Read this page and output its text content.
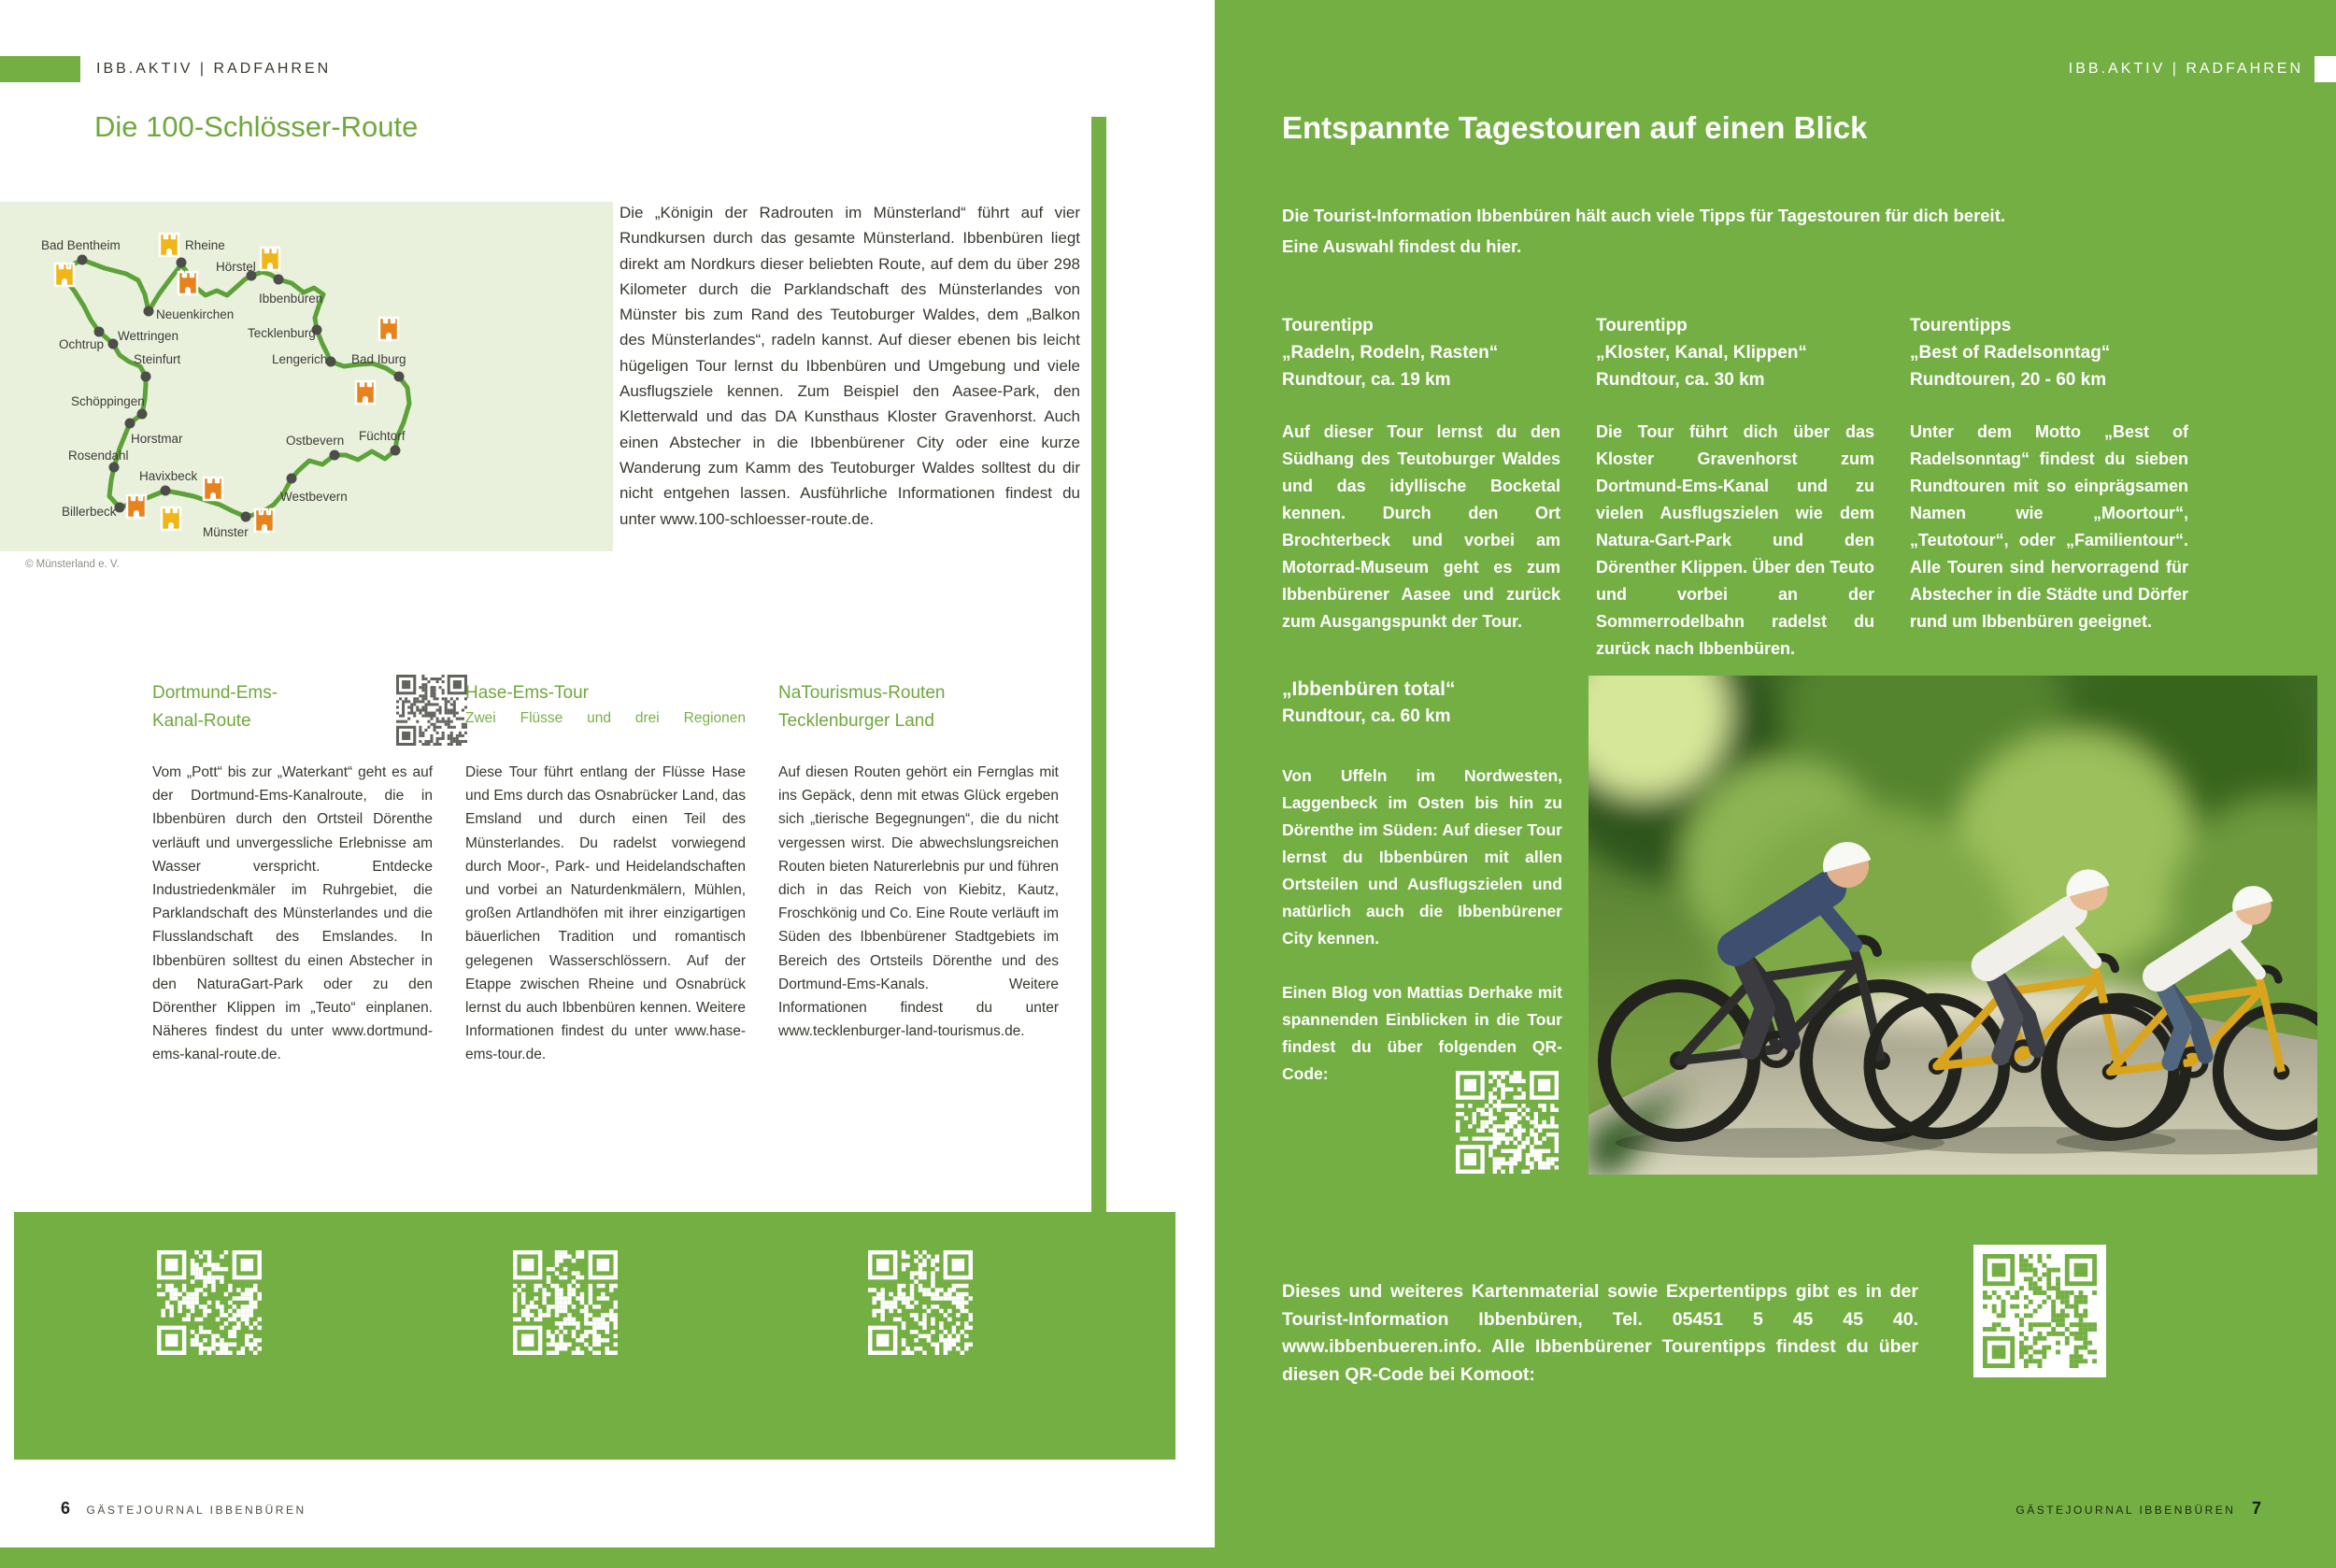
IBB.AKTIV | RADFAHREN
Die 100-Schlösser-Route
Bad Bentheim	Rheine
Hörstel
Ibbenbüren
Neuenkirchen
Wettringen
Ochtrup
Tecklenburg
Steinfurt	Lengerich Bad Iburg
Schöppingen
Horstmar
Rosendahl
Havixbeck
Billerbeck
Münster
Westbevern
Ostbevern Füchtorf
© Münsterland e. V.

Die „Königin der Radrouten im Münsterland“ führt auf vier Rundkursen durch das gesamte Münsterland. Ibbenbüren liegt direkt am Nordkurs dieser beliebten Route, auf dem du über 298 Kilometer durch die Parklandschaft des Münsterlandes von Münster bis zum Rand des Teutoburger Waldes, dem „Balkon des Münsterlandes“, radeln kannst. Auf dieser ebenen bis leicht hügeligen Tour lernst du Ibbenbüren und Umgebung und viele Ausflugsziele kennen. Zum Beispiel den Aasee-Park, den Kletterwald und das DA Kunsthaus Kloster Gravenhorst. Auch einen Abstecher in die Ibbenbürener City oder eine kurze Wanderung zum Kamm des Teutoburger Waldes solltest du dir nicht entgehen lassen. Ausführliche Informationen findest du unter www.100-schloesser-route.de.

Dortmund-Ems-
Kanal-Route

Vom „Pott“ bis zur „Waterkant“ geht es auf der Dortmund-Ems-Kanalroute, die in Ibbenbüren durch den Ortsteil Dörenthe verläuft und unvergessliche Erlebnisse am Wasser verspricht. Entdecke Industriedenkmäler im Ruhrgebiet, die Parklandschaft des Münsterlandes und die Flusslandschaft des Emslandes. In Ibbenbüren solltest du einen Abstecher in den NaturaGart-Park oder zu den Dörenther Klippen im „Teuto“ einplanen. Näheres findest du unter www.dortmund-ems-kanal-route.de.

Hase-Ems-Tour
Zwei Flüsse und drei Regionen

Diese Tour führt entlang der Flüsse Hase und Ems durch das Osnabrücker Land, das Emsland und durch einen Teil des Münsterlandes. Du radelst vorwiegend durch Moor-, Park- und Heidelandschaften und vorbei an Naturdenkmälern, Mühlen, großen Artlandhöfen mit ihrer einzigartigen bäuerlichen Tradition und romantisch gelegenen Wasserschlössern. Auf der Etappe zwischen Rheine und Osnabrück lernst du auch Ibbenbüren kennen. Weitere Informationen findest du unter www.hase-ems-tour.de.

NaTourismus-Routen
Tecklenburger Land

Auf diesen Routen gehört ein Fernglas mit ins Gepäck, denn mit etwas Glück ergeben sich „tierische Begegnungen“, die du nicht vergessen wirst. Die abwechslungsreichen Routen bieten Naturerlebnis pur und führen dich in das Reich von Kiebitz, Kautz, Froschkönig und Co. Eine Route verläuft im Süden des Ibbenbürener Stadtgebiets im Bereich des Ortsteils Dörenthe und des Dortmund-Ems-Kanals. Weitere Informationen findest du unter www.tecklenburger-land-tourismus.de.

6 GÄSTEJOURNAL IBBENBÜREN
IBB.AKTIV | RADFAHREN
Entspannte Tagestouren auf einen Blick
Die Tourist-Information Ibbenbüren hält auch viele Tipps für Tagestouren für dich bereit.
Eine Auswahl findest du hier.
Tourentipp
„Radeln, Rodeln, Rasten“
Rundtour, ca. 19 km

Auf dieser Tour lernst du den Südhang des Teutoburger Waldes und das idyllische Bocketal kennen. Durch den Ort Brochterbeck und vorbei am Motorrad-Museum geht es zum Ibbenbürener Aasee und zurück zum Ausgangspunkt der Tour.

Tourentipp
„Kloster, Kanal, Klippen“
Rundtour, ca. 30 km

Die Tour führt dich über das Kloster Gravenhorst zum Dortmund-Ems-Kanal und zu vielen Ausflugszielen wie dem Natura-Gart-Park und den Dörenther Klippen. Über den Teuto und vorbei an der Sommerrodelbahn radelst du zurück nach Ibbenbüren.

Tourentipps
„Best of Radelsonntag“
Rundtouren, 20 - 60 km

Unter dem Motto „Best of Radelsonntag“ findest du sieben Rundtouren mit so einprägsamen Namen wie „Moortour“, „Teutotour“, oder „Familientour“. Alle Touren sind hervorragend für Abstecher in die Städte und Dörfer rund um Ibbenbüren geeignet.

„Ibbenbüren total“
Rundtour, ca. 60 km

Von Uffeln im Nordwesten, Laggenbeck im Osten bis hin zu Dörenthe im Süden: Auf dieser Tour lernst du Ibbenbüren mit allen Ortsteilen und Ausflugszielen und natürlich auch die Ibbenbürener City kennen.

Einen Blog von Mattias Derhake mit spannenden Einblicken in die Tour findest du über folgenden QR-Code:

Dieses und weiteres Kartenmaterial sowie Expertentipps gibt es in der Tourist-Information Ibbenbüren, Tel. 05451 5 45 45 40. www.ibbenbueren.info. Alle Ibbenbürener Tourentipps findest du über diesen QR-Code bei Komoot:

GÄSTEJOURNAL IBBENBÜREN 7
